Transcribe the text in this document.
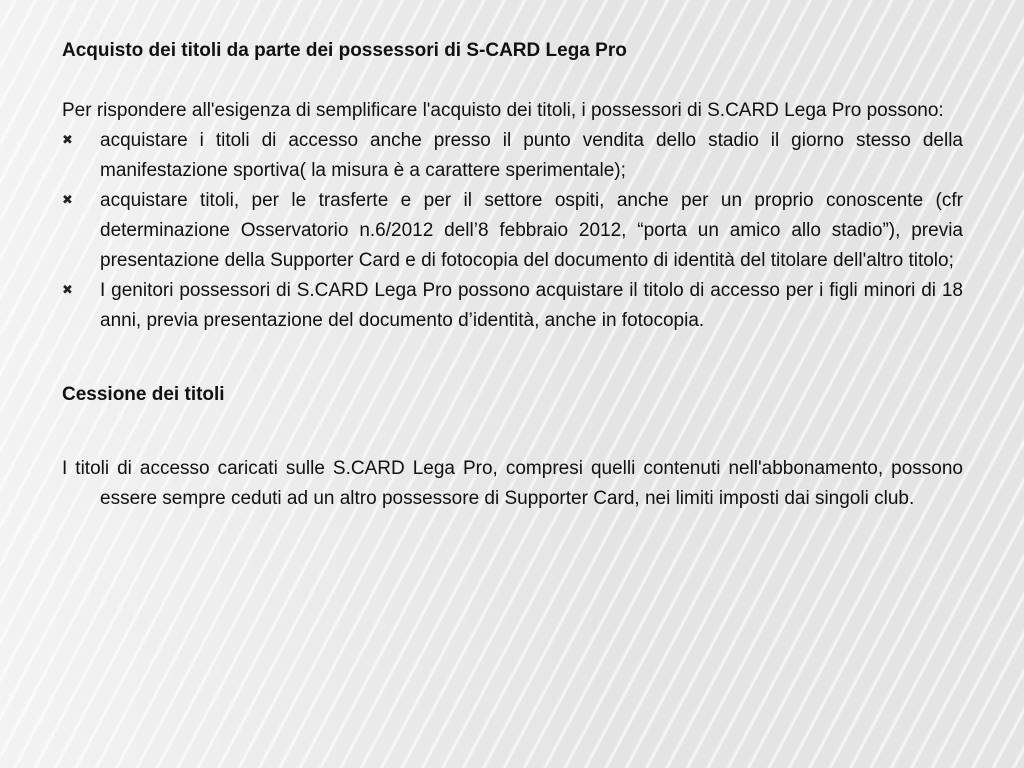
Acquisto dei titoli da parte dei possessori di S-CARD Lega Pro

Per rispondere all'esigenza di semplificare l'acquisto dei titoli, i possessori di S.CARD Lega Pro possono:

✖ acquistare i titoli di accesso anche presso il punto vendita dello stadio il giorno stesso della manifestazione sportiva( la misura è a carattere sperimentale);
✖ acquistare titoli, per le trasferte e per il settore ospiti, anche per un proprio conoscente (cfr determinazione Osservatorio n.6/2012 dell’8 febbraio 2012, “porta un amico allo stadio”), previa presentazione della Supporter Card e di fotocopia del documento di identità del titolare dell'altro titolo;
✖ I genitori possessori di S.CARD Lega Pro possono acquistare il titolo di accesso per i figli minori di 18 anni, previa presentazione del documento d’identità, anche in fotocopia.

Cessione dei titoli

I titoli di accesso caricati sulle S.CARD Lega Pro, compresi quelli contenuti nell'abbonamento, possono essere sempre ceduti ad un altro possessore di Supporter Card, nei limiti imposti dai singoli club.
